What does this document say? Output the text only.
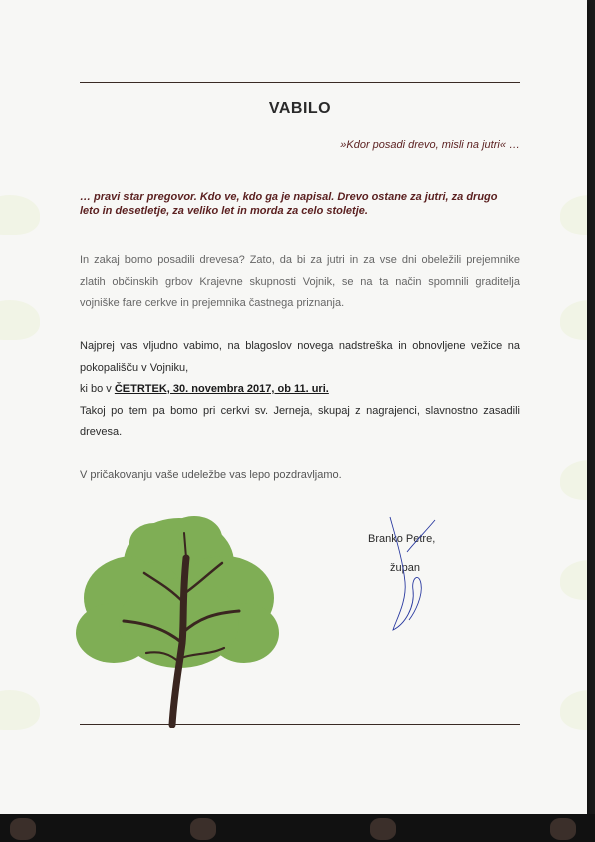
VABILO
»Kdor posadi drevo, misli na jutri« …
… pravi star pregovor. Kdo ve, kdo ga je napisal. Drevo ostane za jutri, za drugo leto in desetletje, za veliko let in morda za celo stoletje.
In zakaj bomo posadili drevesa? Zato, da bi za jutri in za vse dni obeležili prejemnike zlatih občinskih grbov Krajevne skupnosti Vojnik, se na ta način spomnili graditelja vojniške fare cerkve in prejemnika častnega priznanja.
Najprej vas vljudno vabimo, na blagoslov novega nadstreška in obnovljene vežice na pokopališču v Vojniku,
ki bo v ČETRTEK, 30. novembra 2017, ob 11. uri.
Takoj po tem pa bomo pri cerkvi sv. Jerneja, skupaj z nagrajenci, slavnostno zasadili drevesa.
V pričakovanju vaše udeležbe vas lepo pozdravljamo.
Branko Petre,
župan
